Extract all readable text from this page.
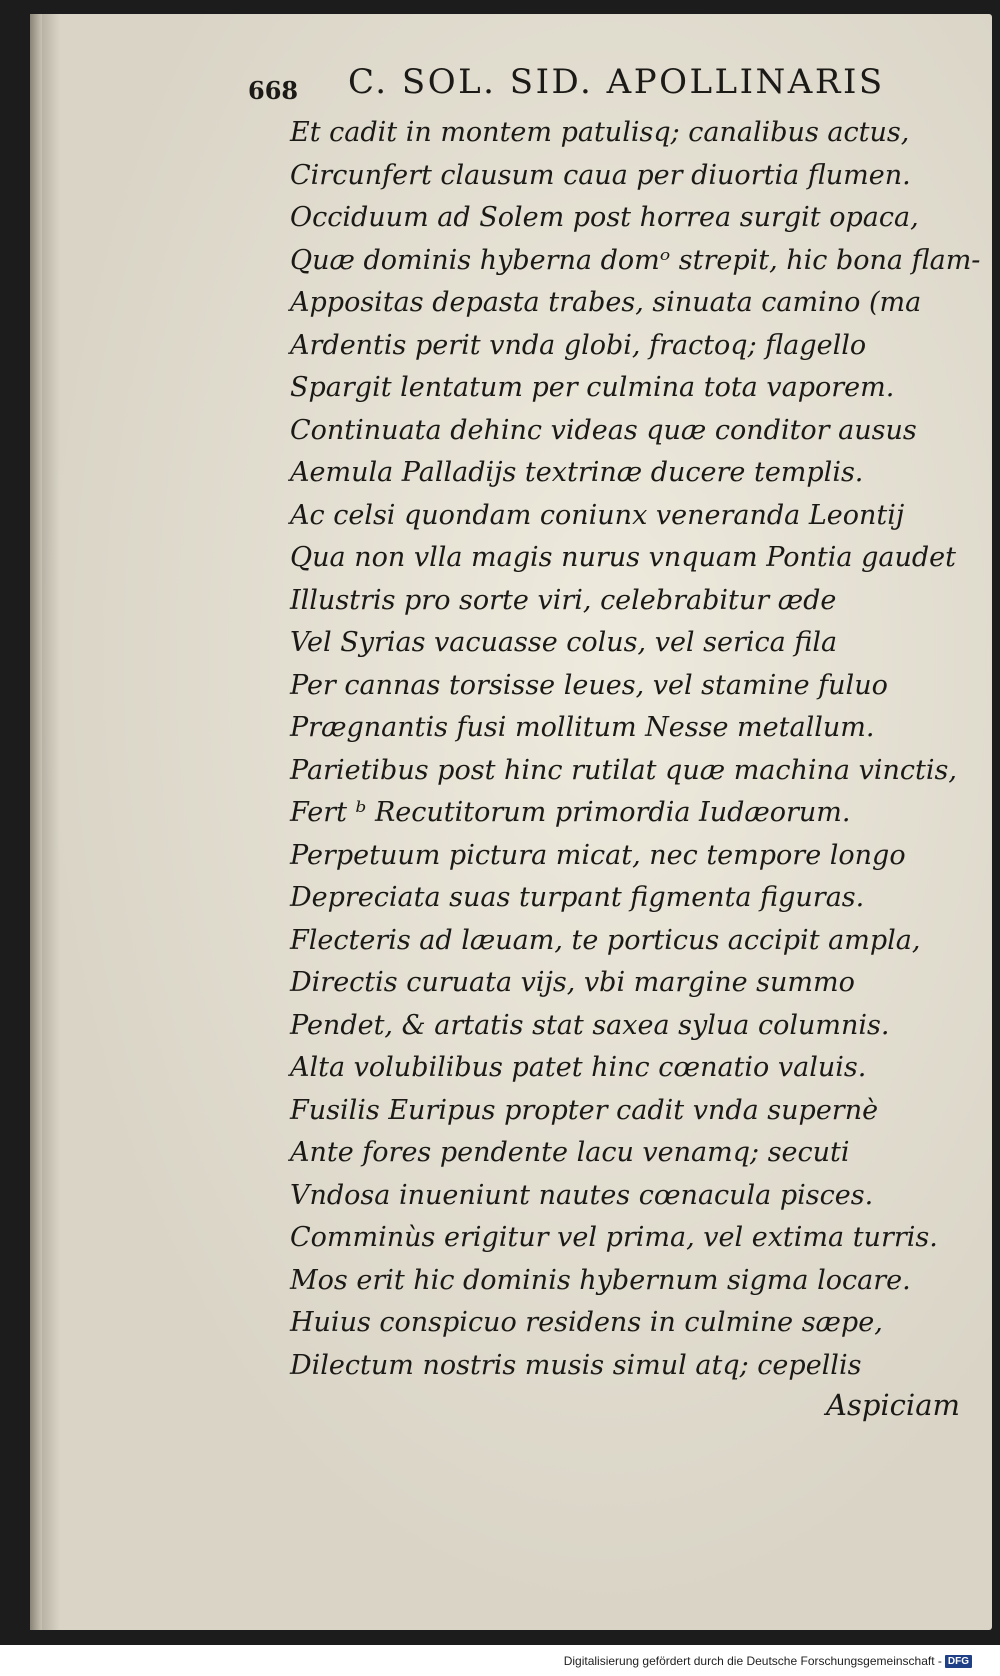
668 C. SOL. SID. APOLLINARIS
Et cadit in montem patulisq; canalibus actus,
Circunfert clausum caua per diuortia flumen.
Occiduum ad Solem post horrea surgit opaca,
Quæ dominis hyberna domᵒ strepit, hic bona flam-
Appositas depasta trabes, sinuata camino (ma
Ardentis perit vnda globi, fractoq; flagello
Spargit lentatum per culmina tota vaporem.
Continuata dehinc videas quæ conditor ausus
Aemula Palladijs textrinæ ducere templis.
Ac celsi quondam coniunx veneranda Leontij
Qua non vlla magis nurus vnquam Pontia gaudet
Illustris pro sorte viri, celebrabitur æde
Vel Syrias vacuasse colus, vel serica fila
Per cannas torsisse leues, vel stamine fuluo
Prægnantis fusi mollitum Nesse metallum.
Parietibus post hinc rutilat quæ machina vinctis,
Fert ᵇ Recutitorum primordia Iudæorum.
Perpetuum pictura micat, nec tempore longo
Depreciata suas turpant figmenta figuras.
Flecteris ad læuam, te porticus accipit ampla,
Directis curuata vijs, vbi margine summo
Pendet, & artatis stat saxea sylua columnis.
Alta volubilibus patet hinc cœnatio valuis.
Fusilis Euripus propter cadit vnda supernè
Ante fores pendente lacu venamq; secuti
Vndosa inueniunt nautes cœnacula pisces.
Comminùs erigitur vel prima, vel extima turris.
Mos erit hic dominis hybernum sigma locare.
Huius conspicuo residens in culmine sæpe,
Dilectum nostris musis simul atq; cepellis
Aspiciam
Digitalisierung gefördert durch die Deutsche Forschungsgemeinschaft - DFG
